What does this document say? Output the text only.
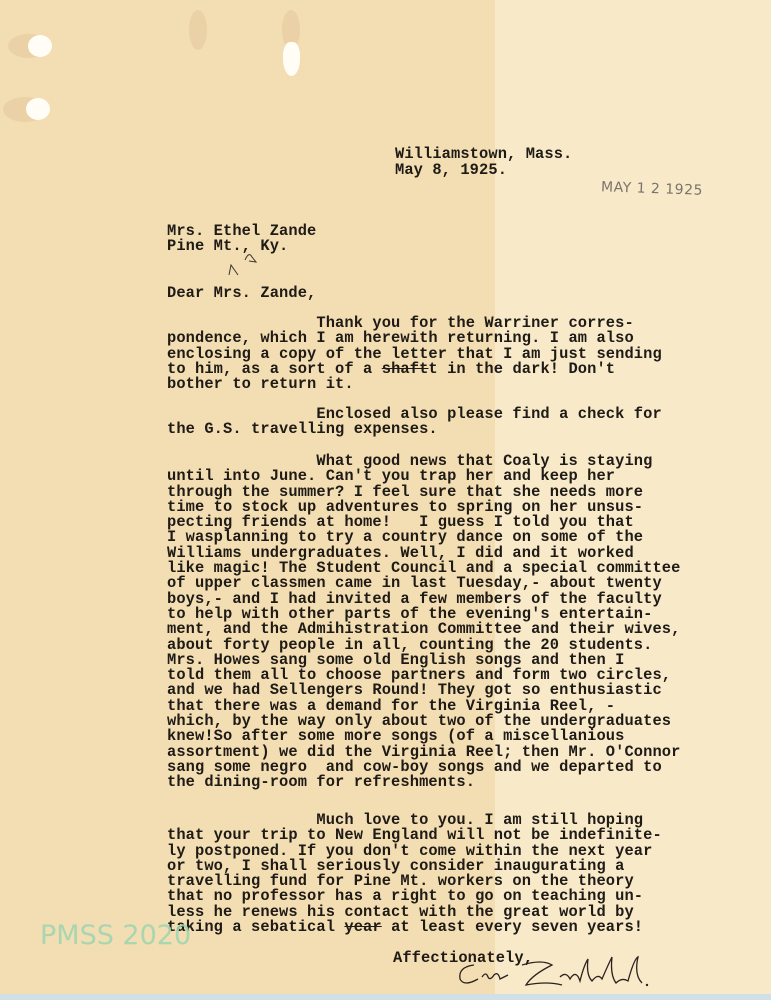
Williamstown, Mass.
May 8, 1925.
MAY 1 2 1925
Mrs. Ethel Zande
Pine Mt., Ky.
Dear Mrs. Zande,
Thank you for the Warriner corres-
pondence, which I am herewith returning. I am also
enclosing a copy of the letter that I am just sending
to him, as a sort of a shaftt in the dark! Don't
bother to return it.
Enclosed also please find a check for
the G.S. travelling expenses.
What good news that Coaly is staying
until into June. Can't you trap her and keep her
through the summer? I feel sure that she needs more
time to stock up adventures to spring on her unsus-
pecting friends at home!   I guess I told you that
I wasplanning to try a country dance on some of the
Williams undergraduates. Well, I did and it worked
like magic! The Student Council and a special committee
of upper classmen came in last Tuesday,- about twenty
boys,- and I had invited a few members of the faculty
to help with other parts of the evening's entertain-
ment, and the Admihistration Committee and their wives,
about forty people in all, counting the 20 students.
Mrs. Howes sang some old English songs and then I
told them all to choose partners and form two circles,
and we had Sellengers Round! They got so enthusiastic
that there was a demand for the Virginia Reel, -
which, by the way only about two of the undergraduates
knew!So after some more songs (of a miscellanious
assortment) we did the Virginia Reel; then Mr. O'Connor
sang some negro  and cow-boy songs and we departed to
the dining-room for refreshments.
Much love to you. I am still hoping
that your trip to New England will not be indefinite-
ly postponed. If you don't come within the next year
or two, I shall seriously consider inaugurating a
travelling fund for Pine Mt. workers on the theory
that no professor has a right to go on teaching un-
less he renews his contact with the great world by
taking a sebatical year at least every seven years!
Affectionately,
PMSS 2020
